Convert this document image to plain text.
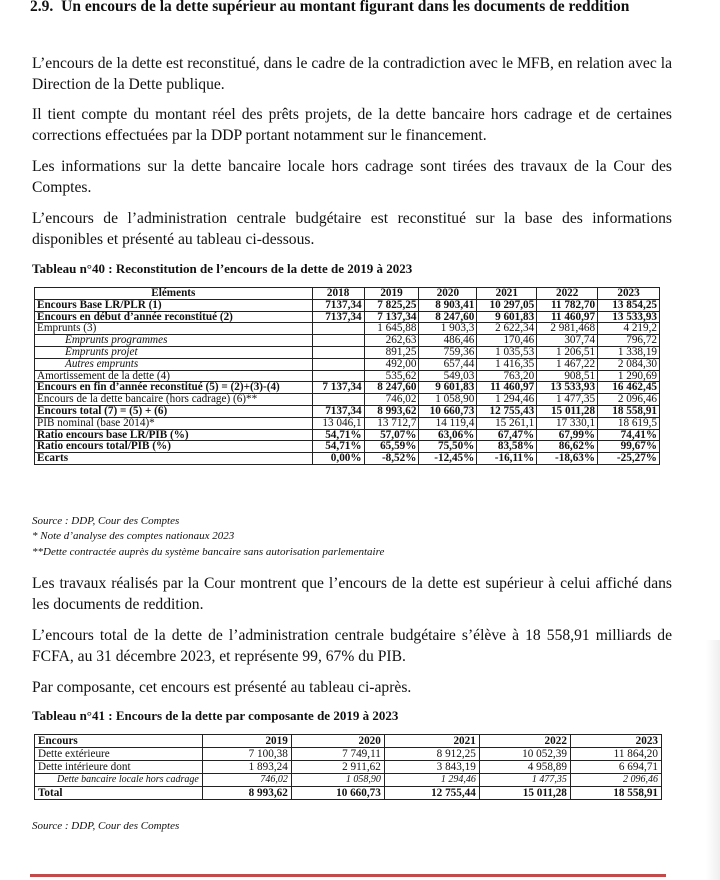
2.9. Un encours de la dette supérieur au montant figurant dans les documents de reddition
L’encours de la dette est reconstitué, dans le cadre de la contradiction avec le MFB, en relation avec la Direction de la Dette publique.
Il tient compte du montant réel des prêts projets, de la dette bancaire hors cadrage et de certaines corrections effectuées par la DDP portant notamment sur le financement.
Les informations sur la dette bancaire locale hors cadrage sont tirées des travaux de la Cour des Comptes.
L’encours de l’administration centrale budgétaire est reconstitué sur la base des informations disponibles et présenté au tableau ci-dessous.
Tableau n°40 : Reconstitution de l’encours de la dette de 2019 à 2023
Eléments	2018	2019	2020	2021	2022	2023
Encours Base LR/PLR (1)	7137,34	7 825,25	8 903,41	10 297,05	11 782,70	13 854,25
Encours en début d’année reconstitué (2)	7137,34	7 137,34	8 247,60	9 601,83	11 460,97	13 533,93
Emprunts (3)		1 645,88	1 903,3	2 622,34	2 981,468	4 219,2
Emprunts programmes		262,63	486,46	170,46	307,74	796,72
Emprunts projet		891,25	759,36	1 035,53	1 206,51	1 338,19
Autres emprunts		492,00	657,44	1 416,35	1 467,22	2 084,30
Amortissement de la dette (4)		535,62	549,03	763,20	908,51	1 290,69
Encours en fin d’année reconstitué (5) = (2)+(3)-(4)	7 137,34	8 247,60	9 601,83	11 460,97	13 533,93	16 462,45
Encours de la dette bancaire (hors cadrage) (6)**		746,02	1 058,90	1 294,46	1 477,35	2 096,46
Encours total (7) = (5) + (6)	7137,34	8 993,62	10 660,73	12 755,43	15 011,28	18 558,91
PIB nominal (base 2014)*	13 046,1	13 712,7	14 119,4	15 261,1	17 330,1	18 619,5
Ratio encours base LR/PIB (%)	54,71%	57,07%	63,06%	67,47%	67,99%	74,41%
Ratio encours total/PIB (%)	54,71%	65,59%	75,50%	83,58%	86,62%	99,67%
Ecarts	0,00%	-8,52%	-12,45%	-16,11%	-18,63%	-25,27%
Source : DDP, Cour des Comptes
* Note d’analyse des comptes nationaux 2023
**Dette contractée auprès du système bancaire sans autorisation parlementaire
Les travaux réalisés par la Cour montrent que l’encours de la dette est supérieur à celui affiché dans les documents de reddition.
L’encours total de la dette de l’administration centrale budgétaire s’élève à 18 558,91 milliards de FCFA, au 31 décembre 2023, et représente 99, 67% du PIB.
Par composante, cet encours est présenté au tableau ci-après.
Tableau n°41 : Encours de la dette par composante de 2019 à 2023
Encours	2019	2020	2021	2022	2023
Dette extérieure	7 100,38	7 749,11	8 912,25	10 052,39	11 864,20
Dette intérieure dont	1 893,24	2 911,62	3 843,19	4 958,89	6 694,71
Dette bancaire locale hors cadrage	746,02	1 058,90	1 294,46	1 477,35	2 096,46
Total	8 993,62	10 660,73	12 755,44	15 011,28	18 558,91
Source : DDP, Cour des Comptes
